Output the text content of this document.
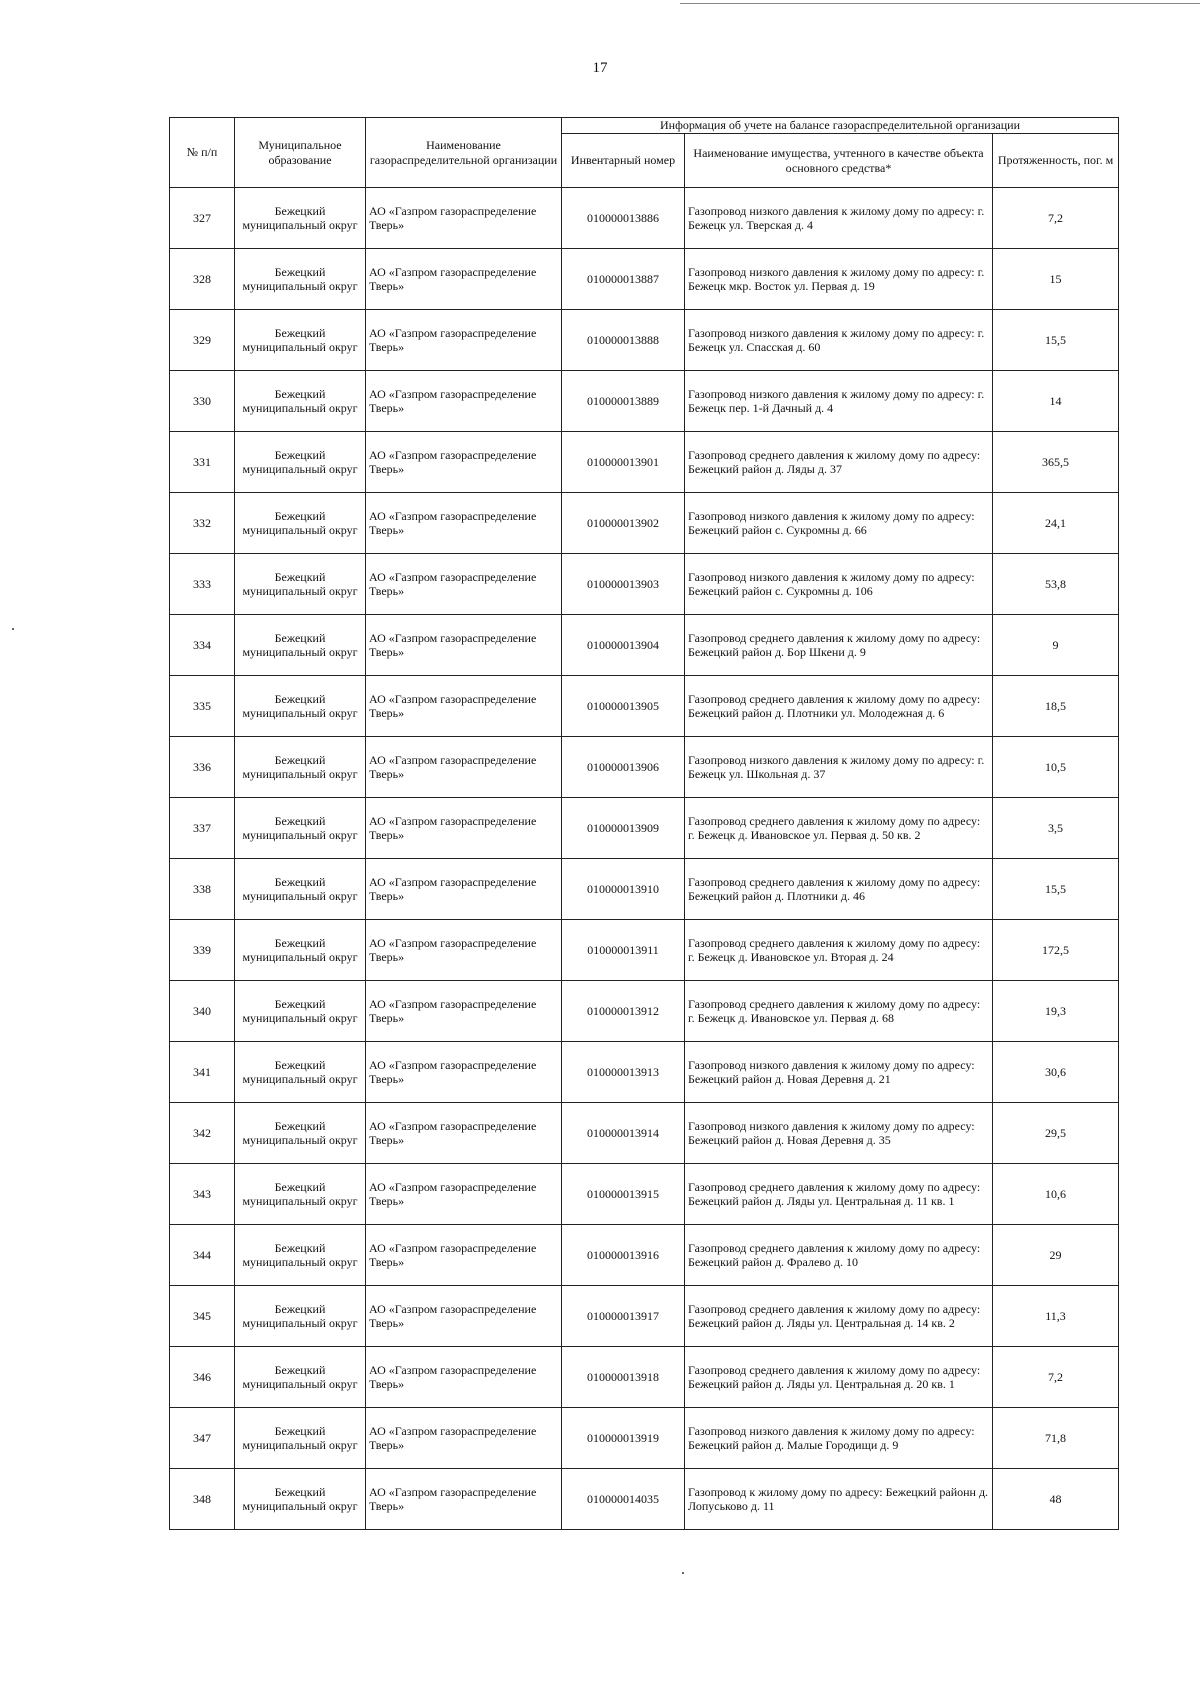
17
№ п/п	Муниципальное образование	Наименование газораспределительной организации	Информация об учете на балансе газораспределительной организации		
			Инвентарный номер	Наименование имущества, учтенного в качестве объекта основного средства*	Протяженность, пог. м
327	Бежецкий муниципальный округ	АО «Газпром газораспределение Тверь»	010000013886	Газопровод низкого давления к жилому дому по адресу: г. Бежецк ул. Тверская д. 4	7,2
328	Бежецкий муниципальный округ	АО «Газпром газораспределение Тверь»	010000013887	Газопровод низкого давления к жилому дому по адресу: г. Бежецк мкр. Восток ул. Первая д. 19	15
329	Бежецкий муниципальный округ	АО «Газпром газораспределение Тверь»	010000013888	Газопровод низкого давления к жилому дому по адресу: г. Бежецк ул. Спасская д. 60	15,5
330	Бежецкий муниципальный округ	АО «Газпром газораспределение Тверь»	010000013889	Газопровод низкого давления к жилому дому по адресу: г. Бежецк пер. 1-й Дачный д. 4	14
331	Бежецкий муниципальный округ	АО «Газпром газораспределение Тверь»	010000013901	Газопровод среднего давления к жилому дому по адресу: Бежецкий район д. Ляды д. 37	365,5
332	Бежецкий муниципальный округ	АО «Газпром газораспределение Тверь»	010000013902	Газопровод низкого давления к жилому дому по адресу: Бежецкий район с. Сукромны д. 66	24,1
333	Бежецкий муниципальный округ	АО «Газпром газораспределение Тверь»	010000013903	Газопровод низкого давления к жилому дому по адресу: Бежецкий район с. Сукромны д. 106	53,8
334	Бежецкий муниципальный округ	АО «Газпром газораспределение Тверь»	010000013904	Газопровод среднего давления к жилому дому по адресу: Бежецкий район д. Бор Шкени д. 9	9
335	Бежецкий муниципальный округ	АО «Газпром газораспределение Тверь»	010000013905	Газопровод среднего давления к жилому дому по адресу: Бежецкий район д. Плотники ул. Молодежная д. 6	18,5
336	Бежецкий муниципальный округ	АО «Газпром газораспределение Тверь»	010000013906	Газопровод низкого давления к жилому дому по адресу: г. Бежецк ул. Школьная д. 37	10,5
337	Бежецкий муниципальный округ	АО «Газпром газораспределение Тверь»	010000013909	Газопровод среднего давления к жилому дому по адресу: г. Бежецк д. Ивановское ул. Первая д. 50 кв. 2	3,5
338	Бежецкий муниципальный округ	АО «Газпром газораспределение Тверь»	010000013910	Газопровод среднего давления к жилому дому по адресу: Бежецкий район д. Плотники д. 46	15,5
339	Бежецкий муниципальный округ	АО «Газпром газораспределение Тверь»	010000013911	Газопровод среднего давления к жилому дому по адресу: г. Бежецк д. Ивановское ул. Вторая д. 24	172,5
340	Бежецкий муниципальный округ	АО «Газпром газораспределение Тверь»	010000013912	Газопровод среднего давления к жилому дому по адресу: г. Бежецк д. Ивановское ул. Первая д. 68	19,3
341	Бежецкий муниципальный округ	АО «Газпром газораспределение Тверь»	010000013913	Газопровод низкого давления к жилому дому по адресу: Бежецкий район д. Новая Деревня д. 21	30,6
342	Бежецкий муниципальный округ	АО «Газпром газораспределение Тверь»	010000013914	Газопровод низкого давления к жилому дому по адресу: Бежецкий район д. Новая Деревня д. 35	29,5
343	Бежецкий муниципальный округ	АО «Газпром газораспределение Тверь»	010000013915	Газопровод среднего давления к жилому дому по адресу: Бежецкий район д. Ляды ул. Центральная д. 11 кв. 1	10,6
344	Бежецкий муниципальный округ	АО «Газпром газораспределение Тверь»	010000013916	Газопровод среднего давления к жилому дому по адресу: Бежецкий район д. Фралево д. 10	29
345	Бежецкий муниципальный округ	АО «Газпром газораспределение Тверь»	010000013917	Газопровод среднего давления к жилому дому по адресу: Бежецкий район д. Ляды ул. Центральная д. 14 кв. 2	11,3
346	Бежецкий муниципальный округ	АО «Газпром газораспределение Тверь»	010000013918	Газопровод среднего давления к жилому дому по адресу: Бежецкий район д. Ляды ул. Центральная д. 20 кв. 1	7,2
347	Бежецкий муниципальный округ	АО «Газпром газораспределение Тверь»	010000013919	Газопровод низкого давления к жилому дому по адресу: Бежецкий район д. Малые Городищи д. 9	71,8
348	Бежецкий муниципальный округ	АО «Газпром газораспределение Тверь»	010000014035	Газопровод к жилому дому по адресу: Бежецкий районн д. Лопуськово д. 11	48
